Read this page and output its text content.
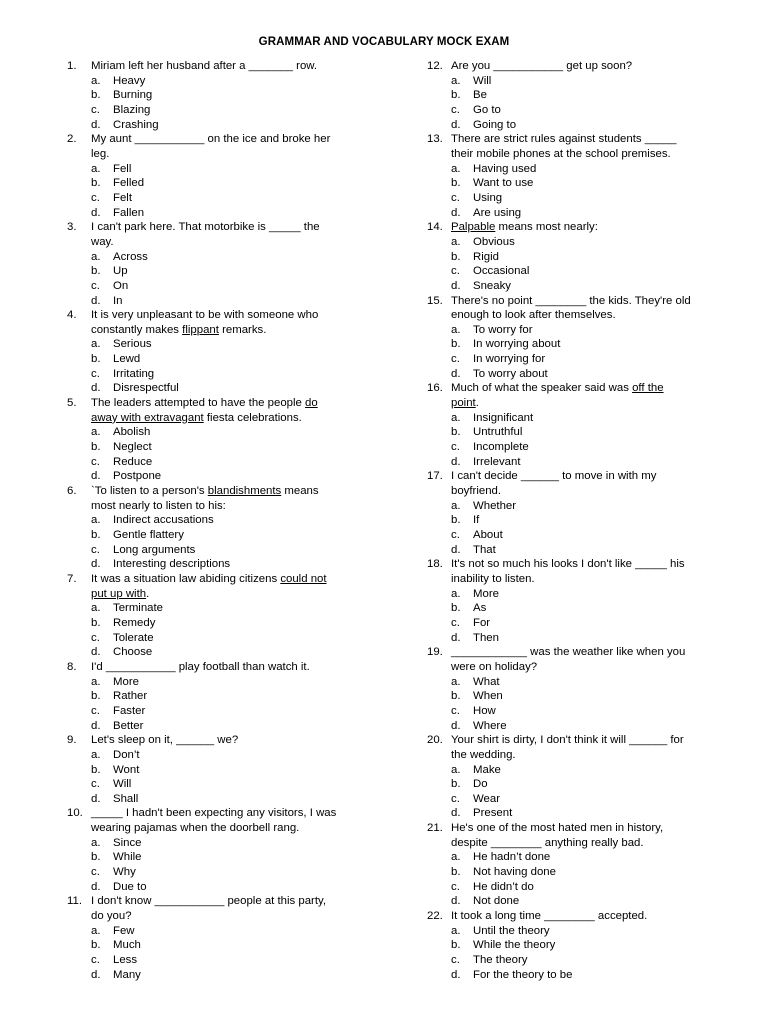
GRAMMAR AND VOCABULARY MOCK EXAM
1. Miriam left her husband after a _______ row.
a. Heavy
b. Burning
c. Blazing
d. Crashing
2. My aunt ___________ on the ice and broke her
leg.
a. Fell
b. Felled
c. Felt
d. Fallen
3. I can't park here. That motorbike is _____ the
way.
a. Across
b. Up
c. On
d. In
4. It is very unpleasant to be with someone who
constantly makes flippant remarks.
a. Serious
b. Lewd
c. Irritating
d. Disrespectful
5. The leaders attempted to have the people do
away with extravagant fiesta celebrations.
a. Abolish
b. Neglect
c. Reduce
d. Postpone
6. `To listen to a person's blandishments means
most nearly to listen to his:
a. Indirect accusations
b. Gentle flattery
c. Long arguments
d. Interesting descriptions
7. It was a situation law abiding citizens could not
put up with.
a. Terminate
b. Remedy
c. Tolerate
d. Choose
8. I'd ___________ play football than watch it.
a. More
b. Rather
c. Faster
d. Better
9. Let's sleep on it, ______ we?
a. Don’t
b. Wont
c. Will
d. Shall
10. _____ I hadn't been expecting any visitors, I was
wearing pajamas when the doorbell rang.
a. Since
b. While
c. Why
d. Due to
11. I don't know ___________ people at this party,
do you?
a. Few
b. Much
c. Less
d. Many
12. Are you ___________ get up soon?
a. Will
b. Be
c. Go to
d. Going to
13. There are strict rules against students _____
their mobile phones at the school premises.
a. Having used
b. Want to use
c. Using
d. Are using
14. Palpable means most nearly:
a. Obvious
b. Rigid
c. Occasional
d. Sneaky
15. There's no point ________ the kids. They're old
enough to look after themselves.
a. To worry for
b. In worrying about
c. In worrying for
d. To worry about
16. Much of what the speaker said was off the
point.
a. Insignificant
b. Untruthful
c. Incomplete
d. Irrelevant
17. I can't decide ______ to move in with my
boyfriend.
a. Whether
b. If
c. About
d. That
18. It's not so much his looks I don't like _____ his
inability to listen.
a. More
b. As
c. For
d. Then
19. ____________ was the weather like when you
were on holiday?
a. What
b. When
c. How
d. Where
20. Your shirt is dirty, I don't think it will ______ for
the wedding.
a. Make
b. Do
c. Wear
d. Present
21. He's one of the most hated men in history,
despite ________ anything really bad.
a. He hadn’t done
b. Not having done
c. He didn’t do
d. Not done
22. It took a long time ________ accepted.
a. Until the theory
b. While the theory
c. The theory
d. For the theory to be
